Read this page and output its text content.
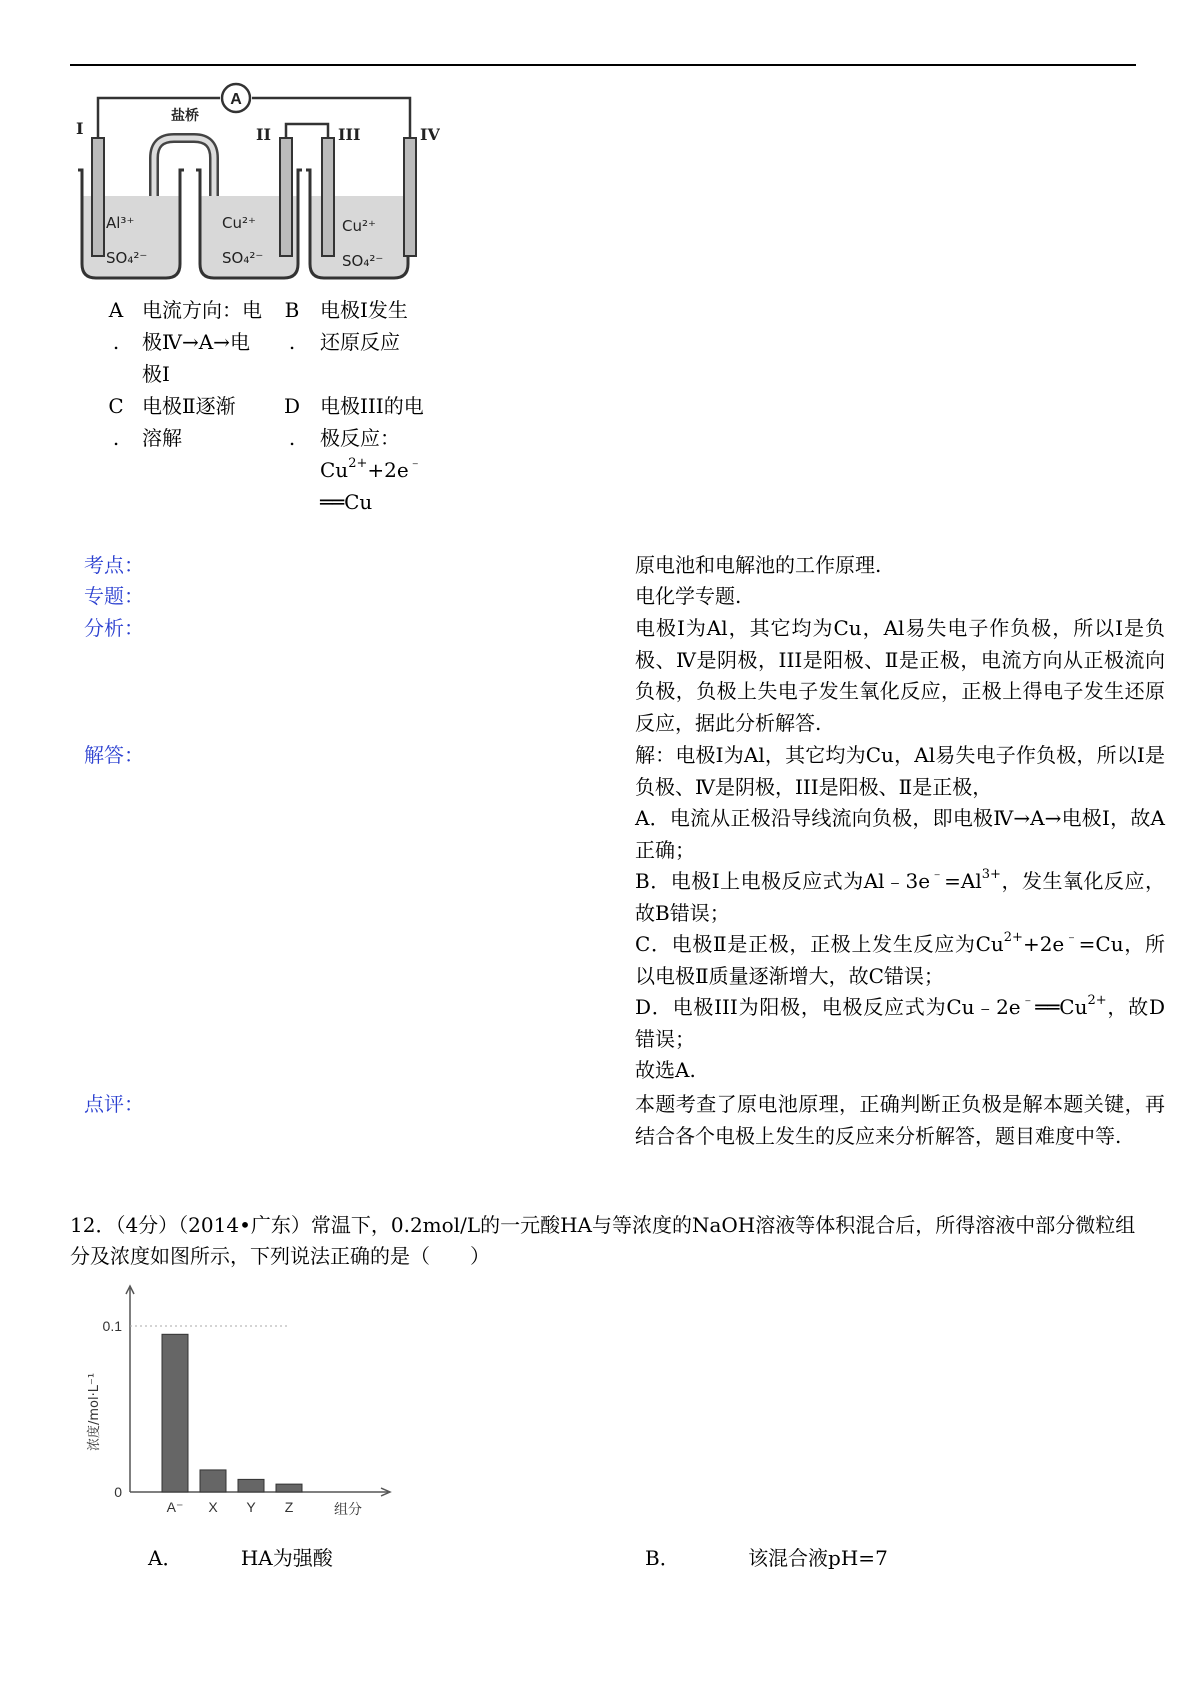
A
盐桥
I	II	III	IV
Al³⁺
SO₄²⁻
Cu²⁺
SO₄²⁻
Cu²⁺
SO₄²⁻
A
.
电流方向：电
极Ⅳ→A→电
极Ⅰ
B
.
电极Ⅰ发生
还原反应
C
.
电极Ⅱ逐渐
溶解
D
.
电极III的电
极反应：
$Cu^{2+}+2e^﹣$
══Cu
考点：	原电池和电解池的工作原理.
专题：	电化学专题.
分析：	电极Ⅰ为Al，其它均为Cu，Al易失电子作负极，所以Ⅰ是负极、Ⅳ是阴极，III是阳极、Ⅱ是正极，电流方向从正极流向负极，负极上失电子发生氧化反应，正极上得电子发生还原反应，据此分析解答.
解答：	解：电极Ⅰ为Al，其它均为Cu，Al易失电子作负极，所以Ⅰ是负极、Ⅳ是阴极，III是阳极、Ⅱ是正极，
A．电流从正极沿导线流向负极，即电极Ⅳ→A→电极Ⅰ，故A正确；
B．电极Ⅰ上电极反应式为$Al﹣3e^﹣=Al^{3+}$，发生氧化反应，故B错误；
C．电极Ⅱ是正极，正极上发生反应为$Cu^{2+}+2e^﹣=Cu$，所以电极Ⅱ质量逐渐增大，故C错误；
D．电极III为阳极，电极反应式为$Cu﹣2e^﹣══Cu^{2+}$，故D错误；
故选A.
点评：	本题考查了原电池原理，正确判断正负极是解本题关键，再结合各个电极上发生的反应来分析解答，题目难度中等.
12．（4分）（2014•广东）常温下，0.2mol/L的一元酸HA与等浓度的NaOH溶液等体积混合后，所得溶液中部分微粒组分及浓度如图所示，下列说法正确的是（　　）
0.1
0
浓度/mol·L⁻¹
组分
A⁻ X Y Z
A．	HA为强酸	B．	该混合液pH=7
